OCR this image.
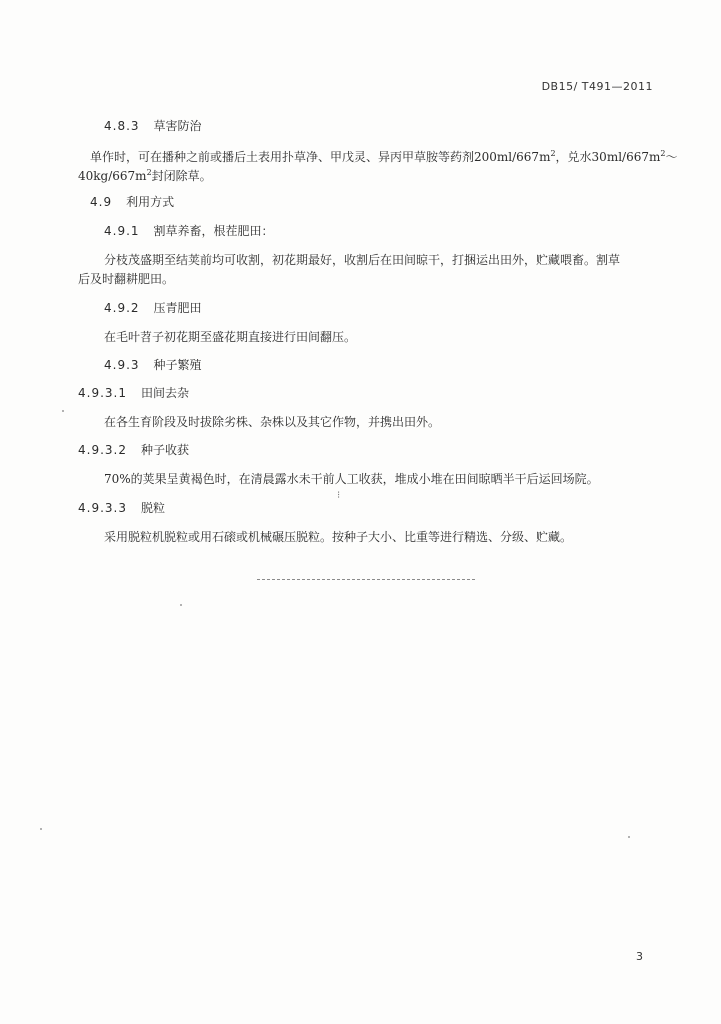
DB15/ T491—2011
4.8.3 草害防治
单作时，可在播种之前或播后土表用扑草净、甲戊灵、异丙甲草胺等药剂$200ml/667m^2$，兑水$30ml/667m^2\sim$
$40kg/667m^2$封闭除草。
4.9 利用方式
4.9.1 割草养畜，根茬肥田：
分枝茂盛期至结荚前均可收割，初花期最好，收割后在田间晾干，打捆运出田外，贮藏喂畜。割草
后及时翻耕肥田。
4.9.2 压青肥田
在毛叶苕子初花期至盛花期直接进行田间翻压。
4.9.3 种子繁殖
4.9.3.1 田间去杂
在各生育阶段及时拔除劣株、杂株以及其它作物，并携出田外。
4.9.3.2 种子收获
70%的荚果呈黄褐色时，在清晨露水未干前人工收获，堆成小堆在田间晾晒半干后运回场院。
⁝
4.9.3.3 脱粒
采用脱粒机脱粒或用石磙或机械碾压脱粒。按种子大小、比重等进行精选、分级、贮藏。
3
